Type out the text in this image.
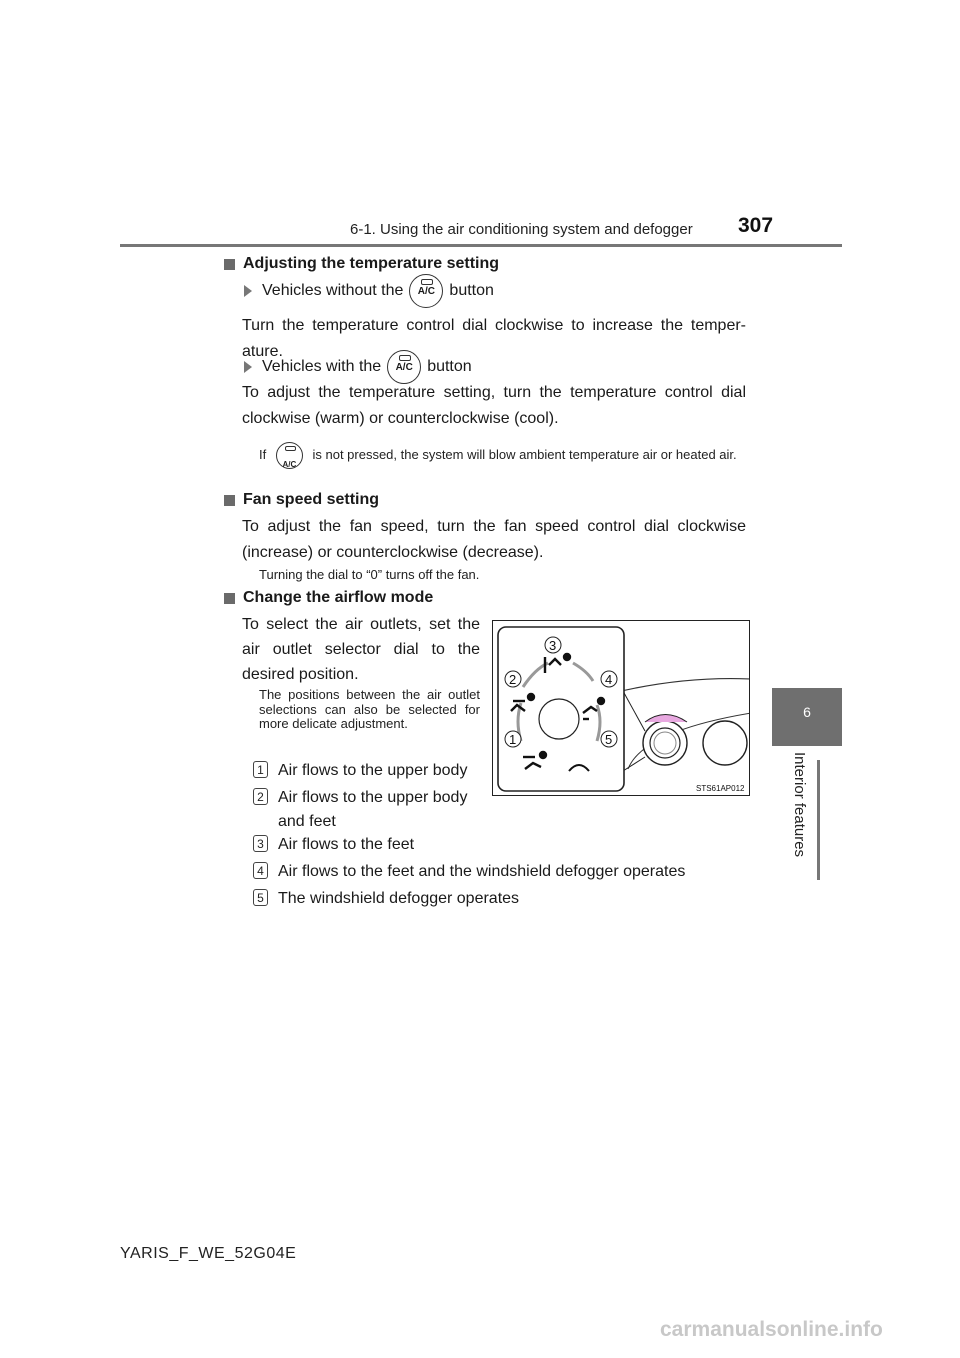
6-1. Using the air conditioning system and defogger 307
6
Interior features
Adjusting the temperature setting
Vehicles without the	A/C button
Turn the temperature control dial clockwise to increase the temper-ature.
Vehicles with the	A/C button
To adjust the temperature setting, turn the temperature control dial clockwise (warm) or counterclockwise (cool).
If
A/C
is not pressed, the system will blow ambient temperature air or heated air.
Fan speed setting
To adjust the fan speed, turn the fan speed control dial clockwise (increase) or counterclockwise (decrease).
Turning the dial to “0” turns off the fan.
Change the airflow mode
To select the air outlets, set the air outlet selector dial to the desired position.
The positions between the air outlet selections can also be selected for more delicate adjustment.
1 Air flows to the upper body
2 Air flows to the upper body and feet
3 Air flows to the feet
4 Air flows to the feet and the windshield defogger operates
5 The windshield defogger operates
1
2
3
4
5
STS61AP012
YARIS_F_WE_52G04E
carmanualsonline.info
